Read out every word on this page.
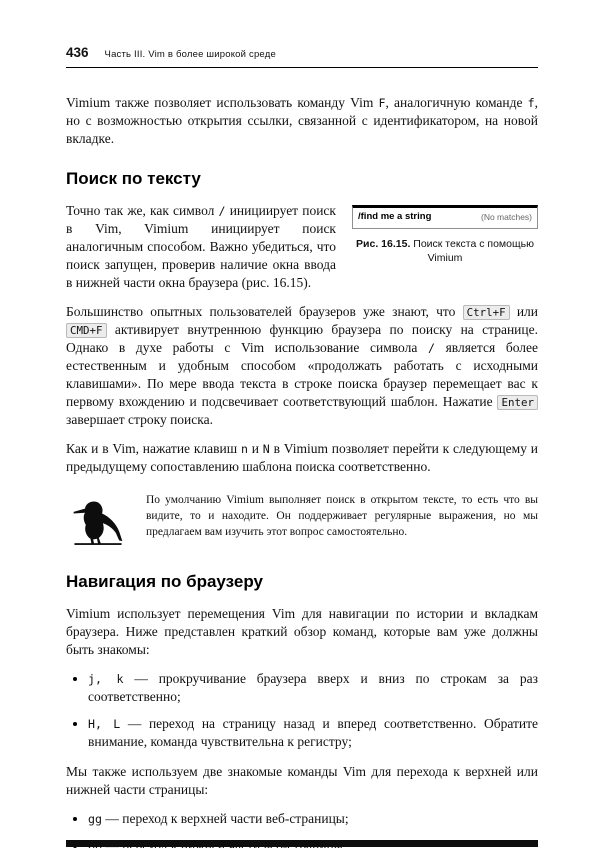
436 Часть III. Vim в более широкой среде

Vimium также позволяет использовать команду Vim F, аналогичную команде f, но с возможностью открытия ссылки, связанной с идентификатором, на новой вкладке.

Поиск по тексту
/find me a string	(No matches)
Рис. 16.15. Поиск текста с помощью Vimium

Точно так же, как символ / инициирует поиск в Vim, Vimium инициирует поиск аналогичным способом. Важно убедиться, что поиск запущен, проверив наличие окна ввода в нижней части окна браузера (рис. 16.15).

Большинство опытных пользователей браузеров уже знают, что Ctrl+F или CMD+F активирует внутреннюю функцию браузера по поиску на странице. Однако в духе работы с Vim использование символа / является более естественным и удобным способом «продолжать работать с исходными клавишами». По мере ввода текста в строке поиска браузер перемещает вас к первому вхождению и подсвечивает соответствующий шаблон. Нажатие Enter завершает строку поиска.

Как и в Vim, нажатие клавиш n и N в Vimium позволяет перейти к следующему и предыдущему сопоставлению шаблона поиска соответственно.

По умолчанию Vimium выполняет поиск в открытом тексте, то есть что вы видите, то и находите. Он поддерживает регулярные выражения, но мы предлагаем вам изучить этот вопрос самостоятельно.

Навигация по браузеру

Vimium использует перемещения Vim для навигации по истории и вкладкам браузера. Ниже представлен краткий обзор команд, которые вам уже должны быть знакомы:

• j, k — прокручивание браузера вверх и вниз по строкам за раз соответственно;
• H, L — переход на страницу назад и вперед соответственно. Обратите внимание, команда чувствительна к регистру;

Мы также используем две знакомые команды Vim для перехода к верхней или нижней части страницы:

• gg — переход к верхней части веб-страницы;
•
